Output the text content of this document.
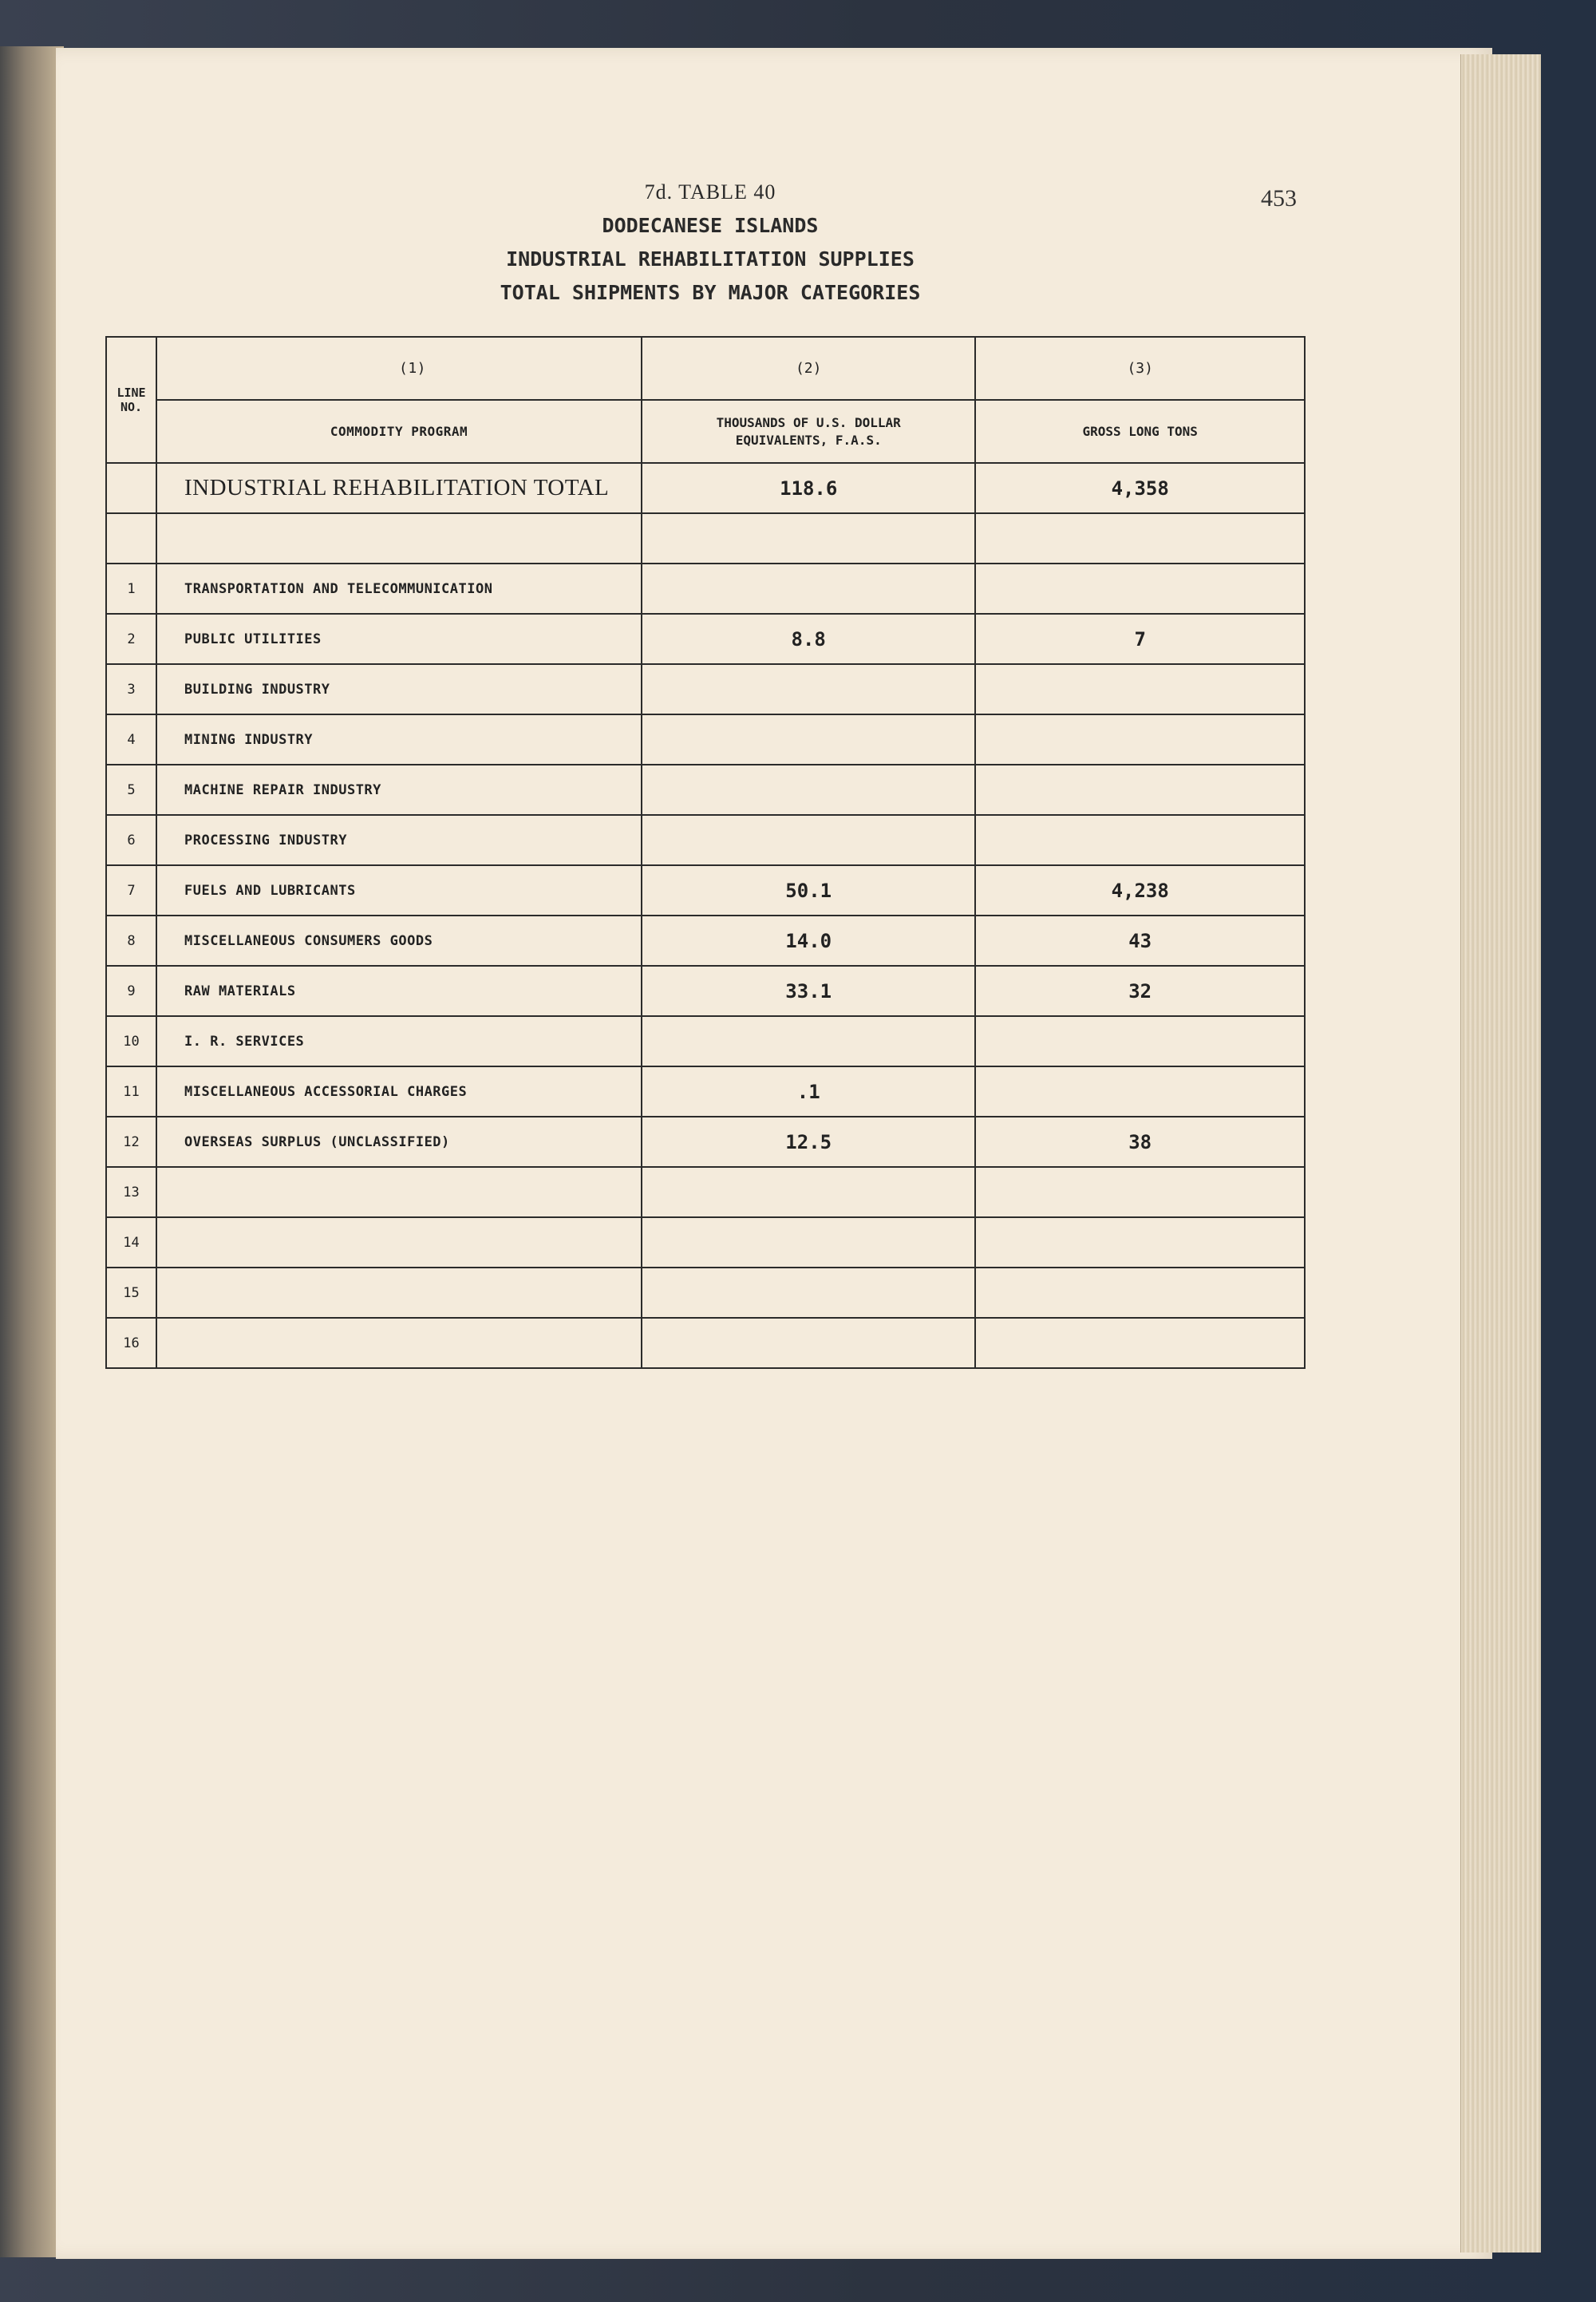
7d. TABLE 40
DODECANESE ISLANDS
INDUSTRIAL REHABILITATION SUPPLIES
TOTAL SHIPMENTS BY MAJOR CATEGORIES
453
LINE NO.	(1)	(2)	(3)
	COMMODITY PROGRAM	THOUSANDS OF U.S. DOLLAR EQUIVALENTS, F.A.S.	GROSS LONG TONS
	INDUSTRIAL REHABILITATION TOTAL	118.6	4,358

1	TRANSPORTATION AND TELECOMMUNICATION		
2	PUBLIC UTILITIES	8.8	7
3	BUILDING INDUSTRY		
4	MINING INDUSTRY		
5	MACHINE REPAIR INDUSTRY		
6	PROCESSING INDUSTRY		
7	FUELS AND LUBRICANTS	50.1	4,238
8	MISCELLANEOUS CONSUMERS GOODS	14.0	43
9	RAW MATERIALS	33.1	32
10	I. R. SERVICES		
11	MISCELLANEOUS ACCESSORIAL CHARGES	.1	
12	OVERSEAS SURPLUS (UNCLASSIFIED)	12.5	38
13			
14			
15			
16			
